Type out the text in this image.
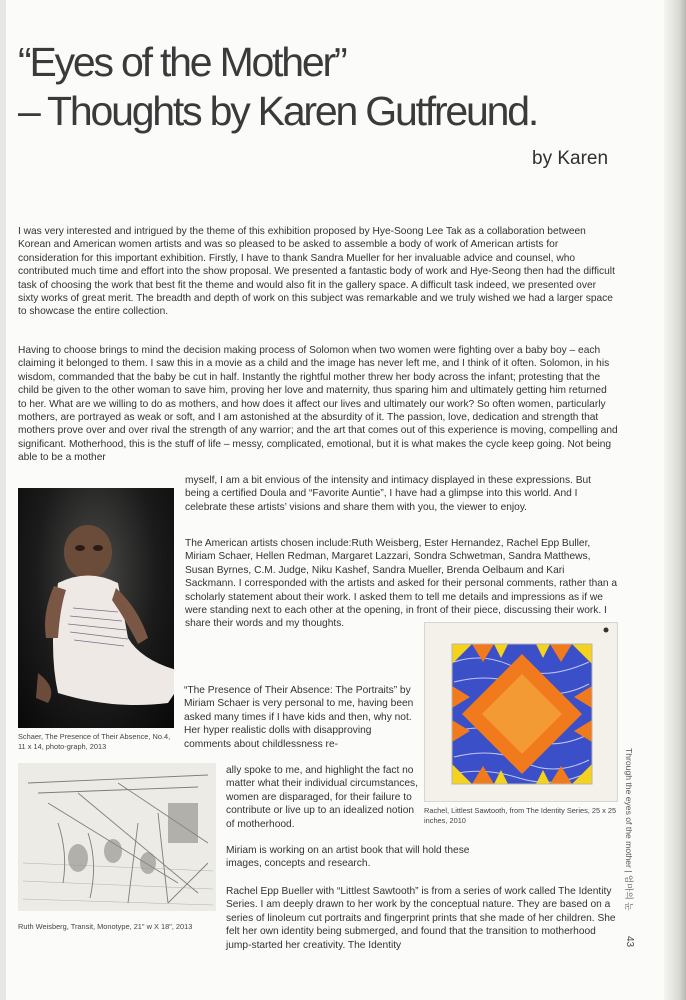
“Eyes of the Mother”
– Thoughts by Karen Gutfreund.
by Karen

I was very interested and intrigued by the theme of this exhibition proposed by Hye-Soong Lee Tak as a collaboration between Korean and American women artists and was so pleased to be asked to assemble a body of work of American artists for consideration for this important exhibition. Firstly, I have to thank Sandra Mueller for her invaluable advice and counsel, who contributed much time and effort into the show proposal. We presented a fantastic body of work and Hye-Seong then had the difficult task of choosing the work that best fit the theme and would also fit in the gallery space. A difficult task indeed, we presented over sixty works of great merit. The breadth and depth of work on this subject was remarkable and we truly wished we had a larger space to showcase the entire collection.

Having to choose brings to mind the decision making process of Solomon when two women were fighting over a baby boy – each claiming it belonged to them. I saw this in a movie as a child and the image has never left me, and I think of it often. Solomon, in his wisdom, commanded that the baby be cut in half. Instantly the rightful mother threw her body across the infant; protesting that the child be given to the other woman to save him, proving her love and maternity, thus sparing him and ultimately getting him returned to her. What are we willing to do as mothers, and how does it affect our lives and ultimately our work? So often women, particularly mothers, are portrayed as weak or soft, and I am astonished at the absurdity of it. The passion, love, dedication and strength that mothers prove over and over rival the strength of any warrior; and the art that comes out of this experience is moving, compelling and significant. Motherhood, this is the stuff of life – messy, complicated, emotional, but it is what makes the cycle keep going. Not being able to be a mother

myself, I am a bit envious of the intensity and intimacy displayed in these expressions. But being a certified Doula and “Favorite Auntie”, I have had a glimpse into this world. And I celebrate these artists’ visions and share them with you, the viewer to enjoy.

The American artists chosen include:Ruth Weisberg, Ester Hernandez, Rachel Epp Buller, Miriam Schaer, Hellen Redman, Margaret Lazzari, Sondra Schwetman, Sandra Matthews, Susan Byrnes, C.M. Judge, Niku Kashef, Sandra Mueller, Brenda Oelbaum and Kari Sackmann. I corresponded with the artists and asked for their personal comments, rather than a scholarly statement about their work. I asked them to tell me details and impressions as if we were standing next to each other at the opening, in front of their piece, discussing their work. I share their words and my thoughts.

“The Presence of Their Absence: The Portraits” by Miriam Schaer is very personal to me, having been asked many times if I have kids and then, why not. Her hyper realistic dolls with disapproving comments about childlessness re-

ally spoke to me, and highlight the fact no matter what their individual circumstances, women are disparaged, for their failure to contribute or live up to an idealized notion of motherhood.

Miriam is working on an artist book that will hold these images, concepts and research.

Rachel Epp Bueller with “Littlest Sawtooth” is from a series of work called The Identity Series. I am deeply drawn to her work by the conceptual nature. They are based on a series of linoleum cut portraits and fingerprint prints that she made of her children. She felt her own identity being submerged, and found that the transition to motherhood jump-started her creativity. The Identity

Schaer, The Presence of Their Absence, No.4, 11 x 14, photo-graph, 2013

Rachel, Littlest Sawtooth, from The Identity Series, 25 x 25 inches, 2010

Ruth Weisberg, Transit, Monotype, 21" w X 18", 2013

Through the eyes of the mother | 엄마의 눈
43
